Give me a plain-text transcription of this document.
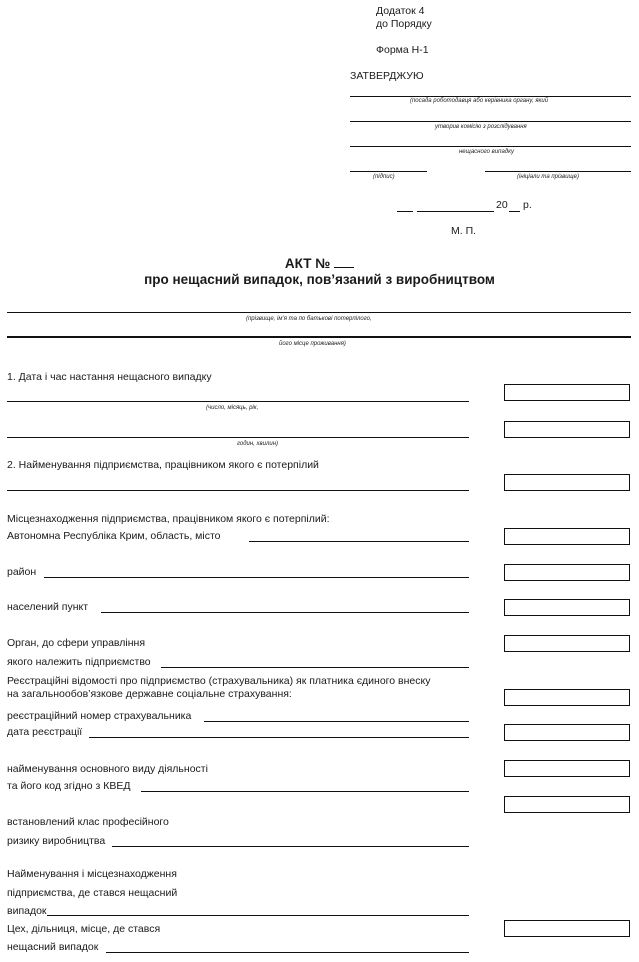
Додаток 4
до Порядку
Форма Н-1
ЗАТВЕРДЖУЮ
(посада роботодавця або керівника органу, який
утворив комісію з розслідування
нещасного випадку
(підпис)	(ініціали та прізвище)
20 р.
М. П.
АКТ №
про нещасний випадок, пов’язаний з виробництвом
(прізвище, ім’я та по батькові потерпілого,
його місце проживання)
1. Дата і час настання нещасного випадку
(число, місяць, рік,
годин, хвилин)
2. Найменування підприємства, працівником якого є потерпілий
Місцезнаходження підприємства, працівником якого є потерпілий:
Автономна Республіка Крим, область, місто
район
населений пункт
Орган, до сфери управління
якого належить підприємство
Реєстраційні відомості про підприємство (страхувальника) як платника єдиного внеску
на загальнообов’язкове державне соціальне страхування:
реєстраційний номер страхувальника
дата реєстрації
найменування основного виду діяльності
та його код згідно з КВЕД
встановлений клас професійного
ризику виробництва
Найменування і місцезнаходження
підприємства, де стався нещасний
випадок
Цех, дільниця, місце, де стався
нещасний випадок
